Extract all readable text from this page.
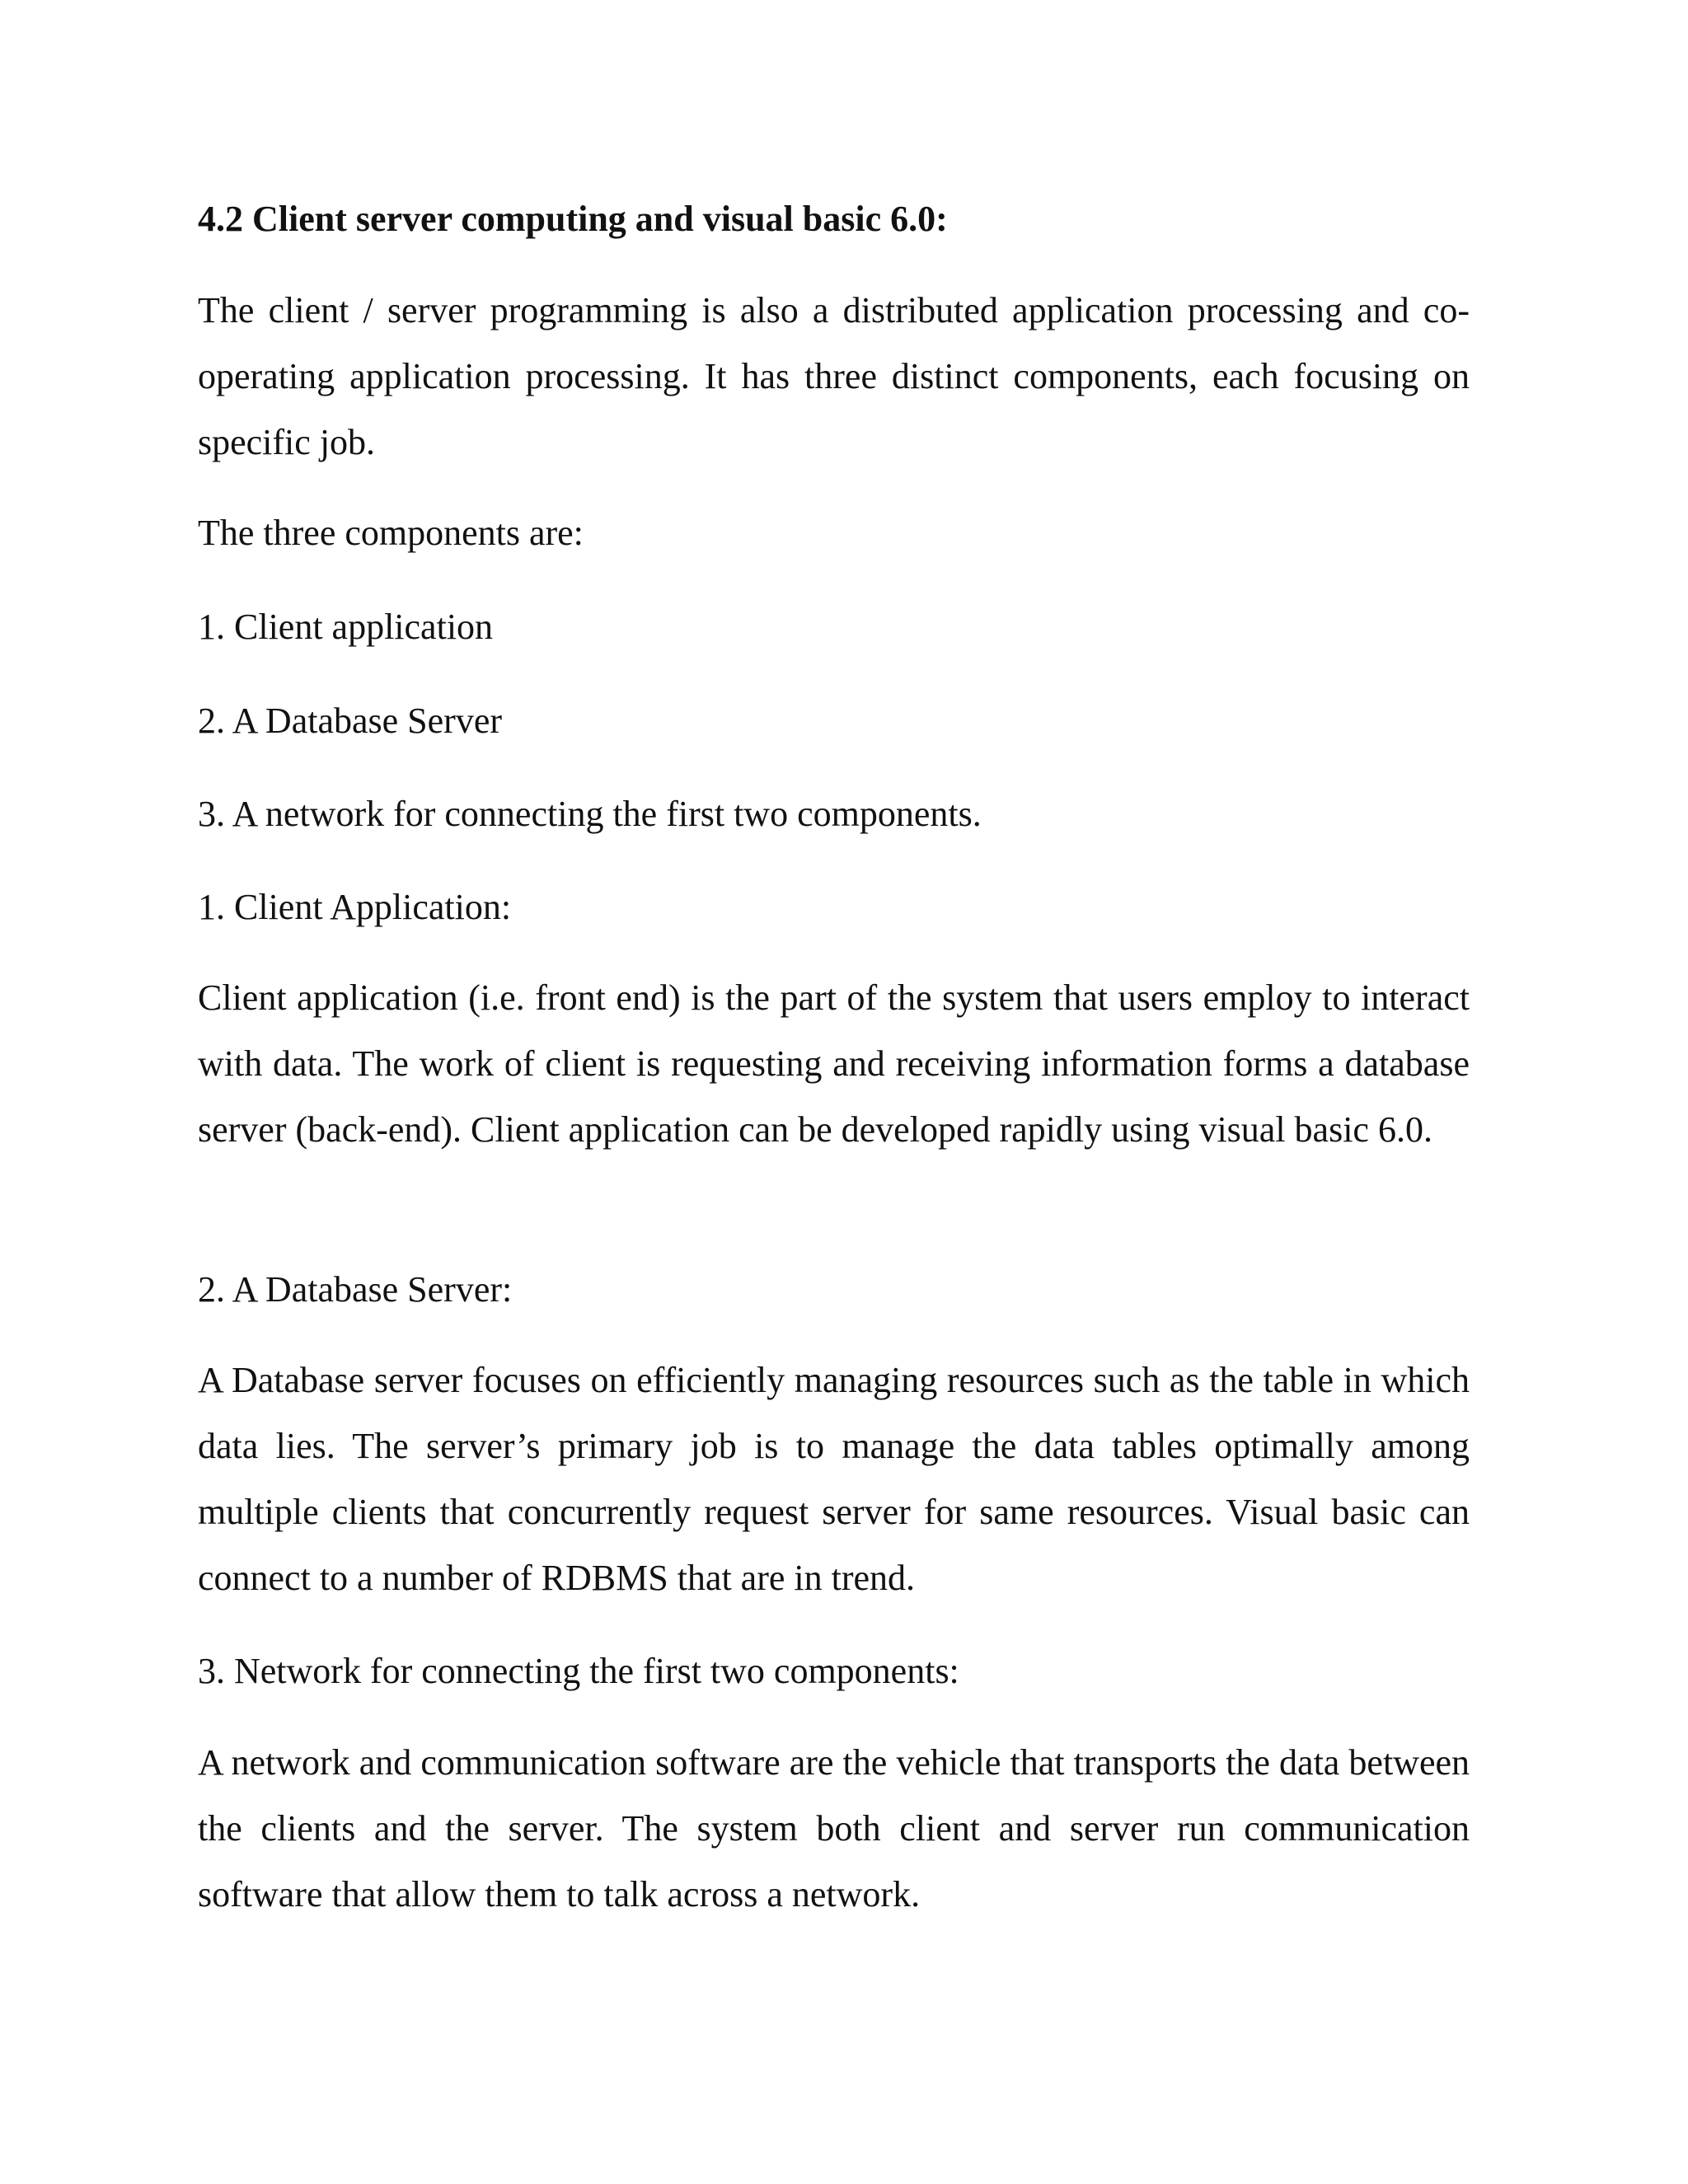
4.2 Client server computing and visual basic 6.0:

The client / server programming is also a distributed application processing and co-operating application processing. It has three distinct components, each focusing on specific job.

The three components are:

1. Client application

2. A Database Server

3. A network for connecting the first two components.

1. Client Application:

Client application (i.e. front end) is the part of the system that users employ to interact with data. The work of client is requesting and receiving information forms a database server (back-end). Client application can be developed rapidly using visual basic 6.0.

2. A Database Server:

A Database server focuses on efficiently managing resources such as the table in which data lies. The server’s primary job is to manage the data tables optimally among multiple clients that concurrently request server for same resources. Visual basic can connect to a number of RDBMS that are in trend.

3. Network for connecting the first two components:

A network and communication software are the vehicle that transports the data between the clients and the server. The system both client and server run communication software that allow them to talk across a network.
